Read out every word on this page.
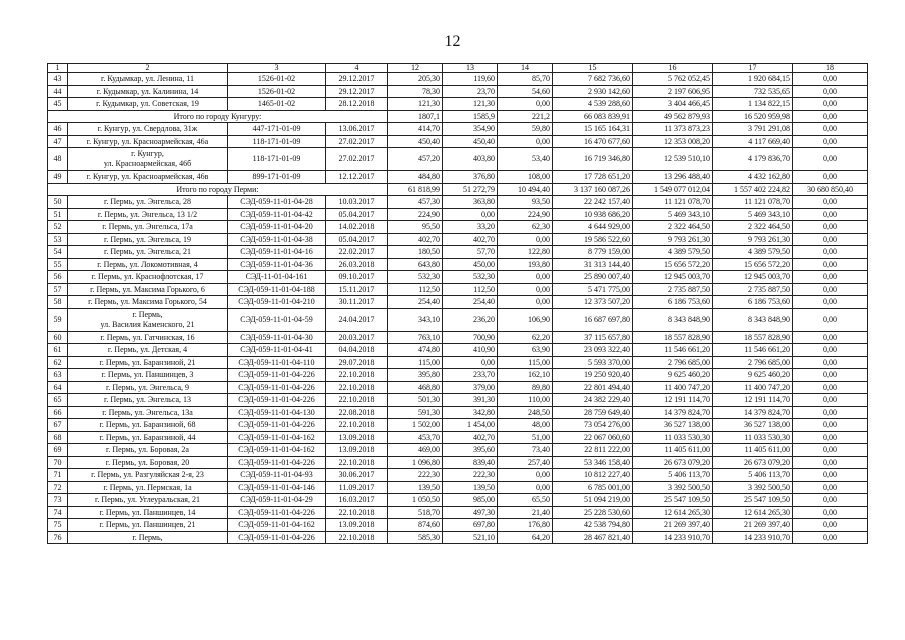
12
1	2	3	4	12	13	14	15	16	17	18
43	г. Кудымкар, ул. Ленина, 11	1526-01-02	29.12.2017	205,30	119,60	85,70	7 682 736,60	5 762 052,45	1 920 684,15	0,00
44	г. Кудымкар, ул. Калинина, 14	1526-01-02	29.12.2017	78,30	23,70	54,60	2 930 142,60	2 197 606,95	732 535,65	0,00
45	г. Кудымкар, ул. Советская, 19	1465-01-02	28.12.2018	121,30	121,30	0,00	4 539 288,60	3 404 466,45	1 134 822,15	0,00
Итого по городу Кунгуру:				1807,1	1585,9	221,2	66 083 839,91	49 562 879,93	16 520 959,98	0,00
46	г. Кунгур, ул. Свердлова, 31ж	447-171-01-09	13.06.2017	414,70	354,90	59,80	15 165 164,31	11 373 873,23	3 791 291,08	0,00
47	г. Кунгур, ул. Красноармейская, 46а	118-171-01-09	27.02.2017	450,40	450,40	0,00	16 470 677,60	12 353 008,20	4 117 669,40	0,00
48	г. Кунгур,
ул. Красноармейская, 46б	118-171-01-09	27.02.2017	457,20	403,80	53,40	16 719 346,80	12 539 510,10	4 179 836,70	0,00
49	г. Кунгур, ул. Красноармейская, 46в	899-171-01-09	12.12.2017	484,80	376,80	108,00	17 728 651,20	13 296 488,40	4 432 162,80	0,00
Итого по городу Перми:				61 818,99	51 272,79	10 494,40	3 137 160 087,26	1 549 077 012,04	1 557 402 224,82	30 680 850,40
50	г. Пермь, ул. Энгельса, 28	СЭД-059-11-01-04-28	10.03.2017	457,30	363,80	93,50	22 242 157,40	11 121 078,70	11 121 078,70	0,00
51	г. Пермь, ул. Энгельса, 13 1/2	СЭД-059-11-01-04-42	05.04.2017	224,90	0,00	224,90	10 938 686,20	5 469 343,10	5 469 343,10	0,00
52	г. Пермь, ул. Энгельса, 17а	СЭД-059-11-01-04-20	14.02.2018	95,50	33,20	62,30	4 644 929,00	2 322 464,50	2 322 464,50	0,00
53	г. Пермь, ул. Энгельса, 19	СЭД-059-11-01-04-38	05.04.2017	402,70	402,70	0,00	19 586 522,60	9 793 261,30	9 793 261,30	0,00
54	г. Пермь, ул. Энгельса, 21	СЭД-059-11-01-04-16	22.02.2017	180,50	57,70	122,80	8 779 159,00	4 389 579,50	4 389 579,50	0,00
55	г. Пермь, ул. Локомотивная, 4	СЭД-059-11-01-04-36	26.03.2018	643,80	450,00	193,80	31 313 144,40	15 656 572,20	15 656 572,20	0,00
56	г. Пермь, ул. Краснофлотская, 17	СЭД-11-01-04-161	09.10.2017	532,30	532,30	0,00	25 890 007,40	12 945 003,70	12 945 003,70	0,00
57	г. Пермь, ул. Максима Горького, 6	СЭД-059-11-01-04-188	15.11.2017	112,50	112,50	0,00	5 471 775,00	2 735 887,50	2 735 887,50	0,00
58	г. Пермь, ул. Максима Горького, 54	СЭД-059-11-01-04-210	30.11.2017	254,40	254,40	0,00	12 373 507,20	6 186 753,60	6 186 753,60	0,00
59	г. Пермь,
ул. Василия Каменского, 21	СЭД-059-11-01-04-59	24.04.2017	343,10	236,20	106,90	16 687 697,80	8 343 848,90	8 343 848,90	0,00
60	г. Пермь, ул. Гатчинская, 16	СЭД-059-11-01-04-30	20.03.2017	763,10	700,90	62,20	37 115 657,80	18 557 828,90	18 557 828,90	0,00
61	г. Пермь, ул. Детская, 4	СЭД-059-11-01-04-41	04.04.2018	474,80	410,90	63,90	23 093 322,40	11 546 661,20	11 546 661,20	0,00
62	г. Пермь, ул. Баранзиной, 21	СЭД-059-11-01-04-110	29.07.2018	115,00	0,00	115,00	5 593 370,00	2 796 685,00	2 796 685,00	0,00
63	г. Пермь, ул. Паншинцев, 3	СЭД-059-11-01-04-226	22.10.2018	395,80	233,70	162,10	19 250 920,40	9 625 460,20	9 625 460,20	0,00
64	г. Пермь, ул. Энгельса, 9	СЭД-059-11-01-04-226	22.10.2018	468,80	379,00	89,80	22 801 494,40	11 400 747,20	11 400 747,20	0,00
65	г. Пермь, ул. Энгельса, 13	СЭД-059-11-01-04-226	22.10.2018	501,30	391,30	110,00	24 382 229,40	12 191 114,70	12 191 114,70	0,00
66	г. Пермь, ул. Энгельса, 13а	СЭД-059-11-01-04-130	22.08.2018	591,30	342,80	248,50	28 759 649,40	14 379 824,70	14 379 824,70	0,00
67	г. Пермь, ул. Баранзиной, 68	СЭД-059-11-01-04-226	22.10.2018	1 502,00	1 454,00	48,00	73 054 276,00	36 527 138,00	36 527 138,00	0,00
68	г. Пермь, ул. Баранзиной, 44	СЭД-059-11-01-04-162	13.09.2018	453,70	402,70	51,00	22 067 060,60	11 033 530,30	11 033 530,30	0,00
69	г. Пермь, ул. Боровая, 2а	СЭД-059-11-01-04-162	13.09.2018	469,00	395,60	73,40	22 811 222,00	11 405 611,00	11 405 611,00	0,00
70	г. Пермь, ул. Боровая, 20	СЭД-059-11-01-04-226	22.10.2018	1 096,80	839,40	257,40	53 346 158,40	26 673 079,20	26 673 079,20	0,00
71	г. Пермь, ул. Разгуляйская 2-я, 23	СЭД-059-11-01-04-93	30.06.2017	222,30	222,30	0,00	10 812 227,40	5 406 113,70	5 406 113,70	0,00
72	г. Пермь, ул. Пермская, 1а	СЭД-059-11-01-04-146	11.09.2017	139,50	139,50	0,00	6 785 001,00	3 392 500,50	3 392 500,50	0,00
73	г. Пермь, ул. Углеуральская, 21	СЭД-059-11-01-04-29	16.03.2017	1 050,50	985,00	65,50	51 094 219,00	25 547 109,50	25 547 109,50	0,00
74	г. Пермь, ул. Паншинцев, 14	СЭД-059-11-01-04-226	22.10.2018	518,70	497,30	21,40	25 228 530,60	12 614 265,30	12 614 265,30	0,00
75	г. Пермь, ул. Паншинцев, 21	СЭД-059-11-01-04-162	13.09.2018	874,60	697,80	176,80	42 538 794,80	21 269 397,40	21 269 397,40	0,00
76	г. Пермь,	СЭД-059-11-01-04-226	22.10.2018	585,30	521,10	64,20	28 467 821,40	14 233 910,70	14 233 910,70	0,00
